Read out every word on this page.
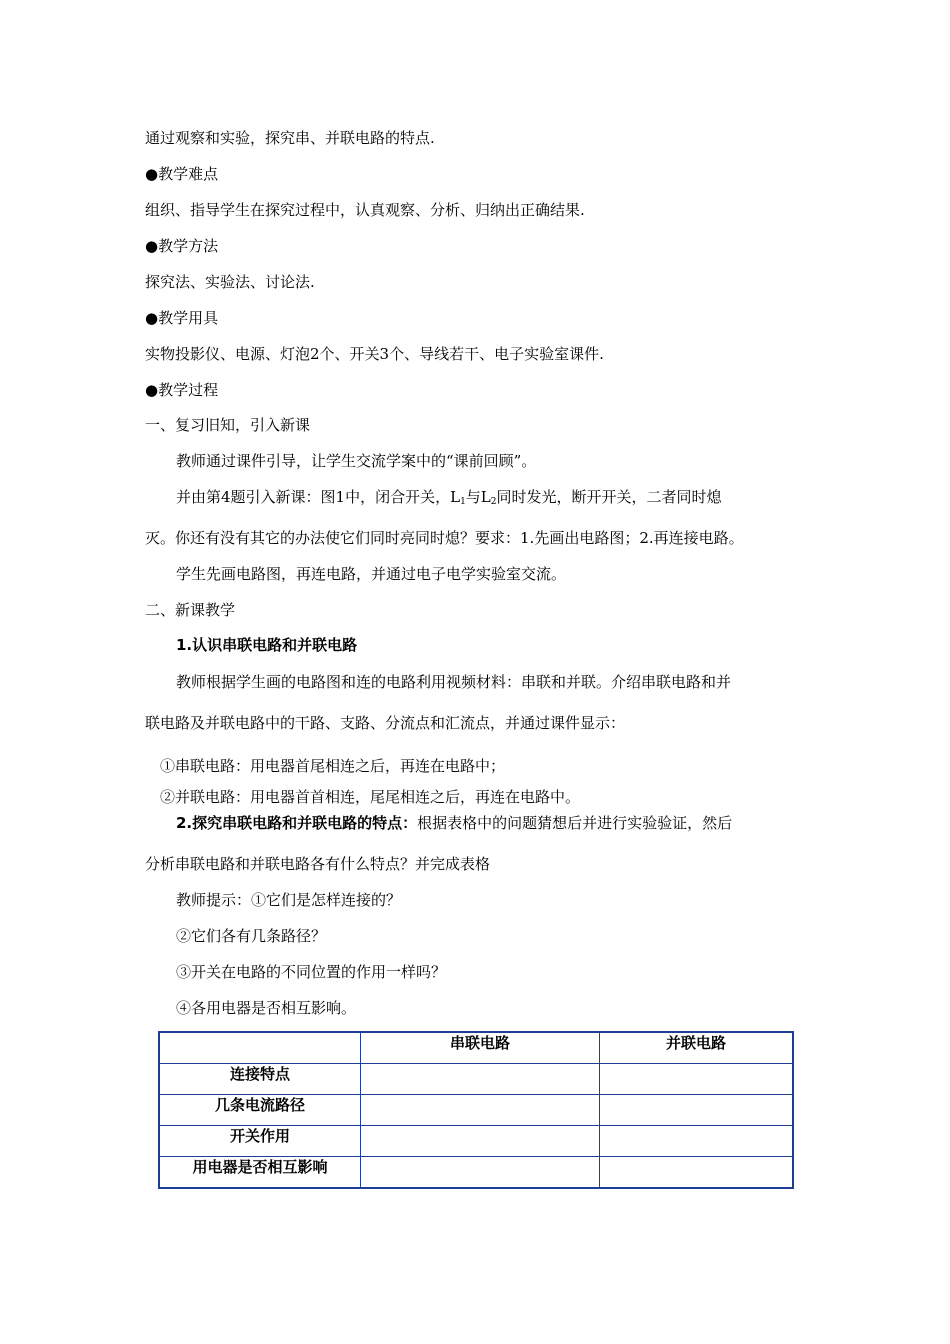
通过观察和实验，探究串、并联电路的特点.
●教学难点
组织、指导学生在探究过程中，认真观察、分析、归纳出正确结果.
●教学方法
探究法、实验法、讨论法.
●教学用具
实物投影仪、电源、灯泡2个、开关3个、导线若干、电子实验室课件.
●教学过程
一、复习旧知，引入新课
教师通过课件引导，让学生交流学案中的“课前回顾”。
并由第4题引入新课：图1中，闭合开关，$L_1$与$L_2$同时发光，断开开关，二者同时熄
灭。你还有没有其它的办法使它们同时亮同时熄？要求：1.先画出电路图；2.再连接电路。
学生先画电路图，再连电路，并通过电子电学实验室交流。
二、新课教学
1.认识串联电路和并联电路
教师根据学生画的电路图和连的电路利用视频材料：串联和并联。介绍串联电路和并
联电路及并联电路中的干路、支路、分流点和汇流点，并通过课件显示：
①串联电路：用电器首尾相连之后，再连在电路中；
②并联电路：用电器首首相连，尾尾相连之后，再连在电路中。
2.探究串联电路和并联电路的特点：根据表格中的问题猜想后并进行实验验证，然后
分析串联电路和并联电路各有什么特点？并完成表格
教师提示：①它们是怎样连接的？
②它们各有几条路径？
③开关在电路的不同位置的作用一样吗？
④各用电器是否相互影响。
	串联电路	并联电路
连接特点		
几条电流路径		
开关作用		
用电器是否相互影响		
